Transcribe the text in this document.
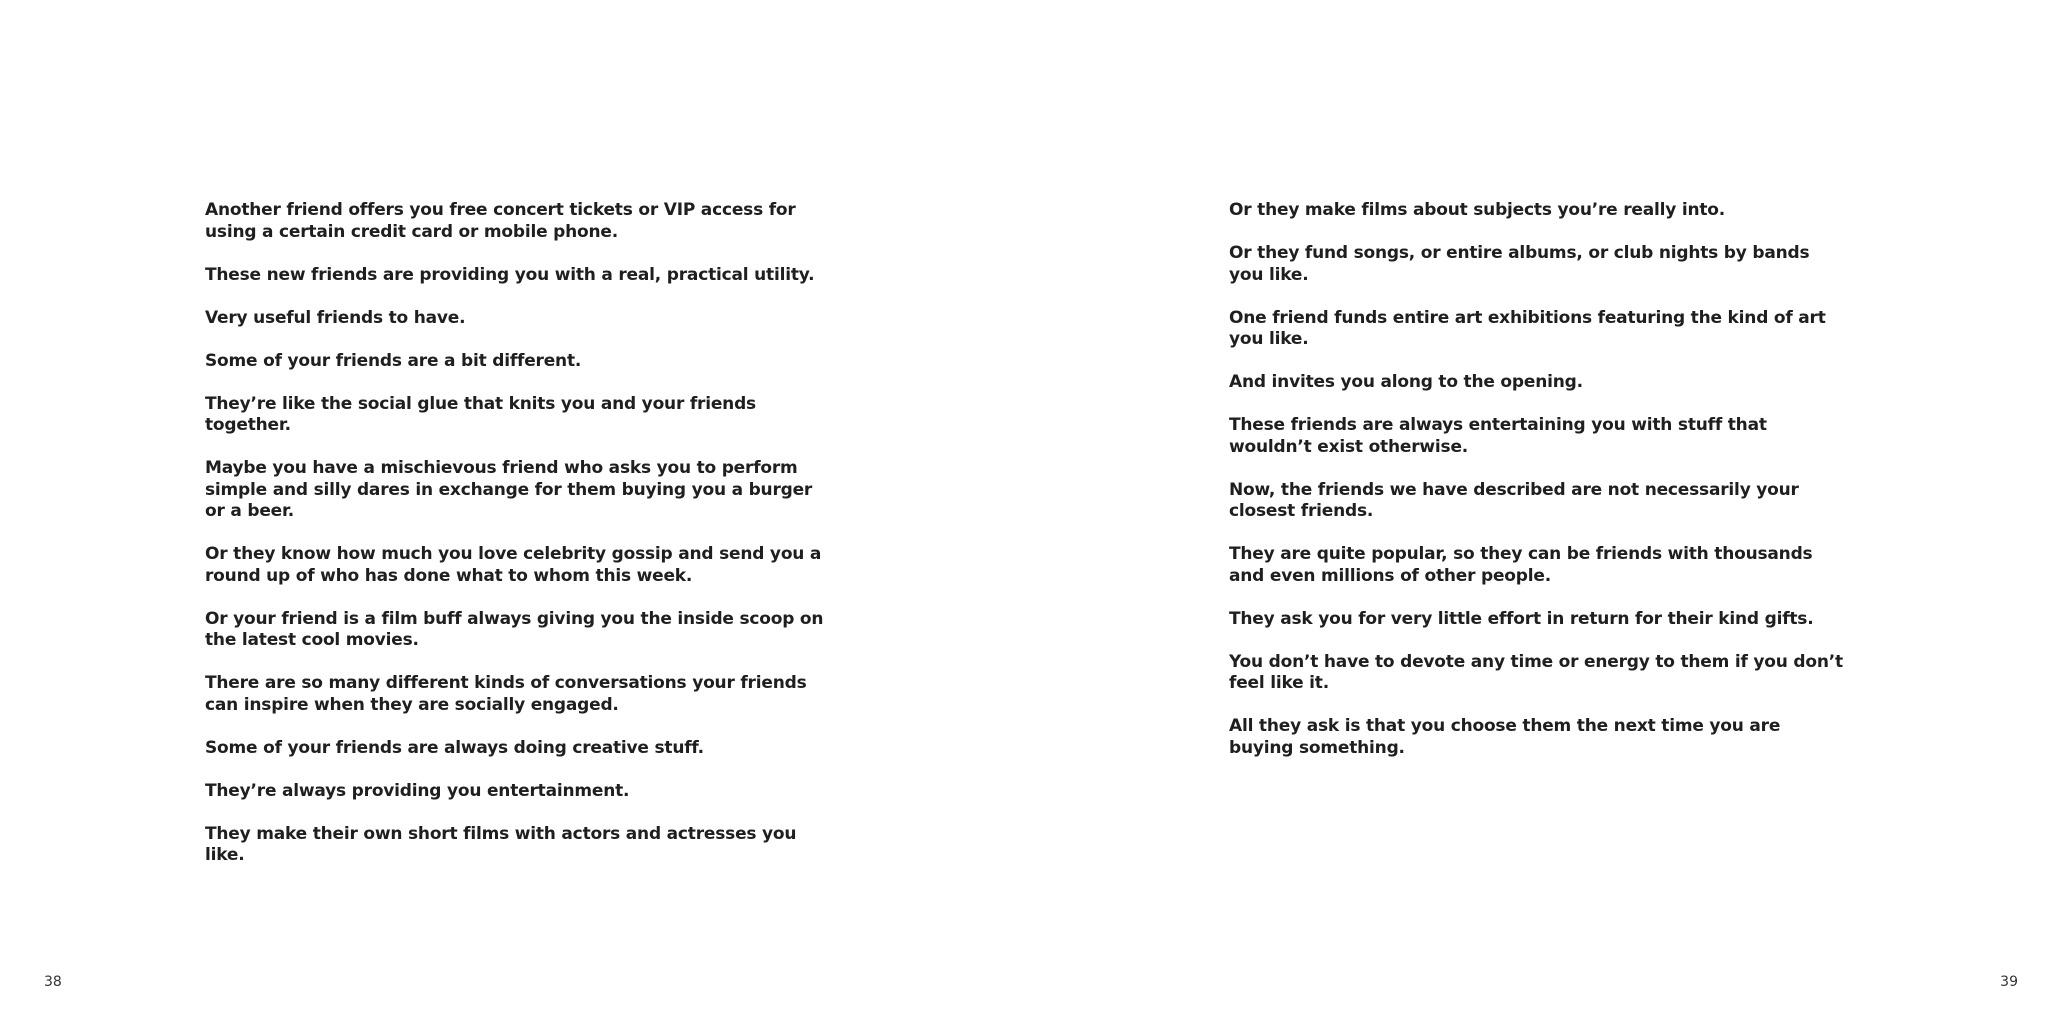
Another friend offers you free concert tickets or VIP access for using a certain credit card or mobile phone.

These new friends are providing you with a real, practical utility.

Very useful friends to have.

Some of your friends are a bit different.

They’re like the social glue that knits you and your friends together.

Maybe you have a mischievous friend who asks you to perform simple and silly dares in exchange for them buying you a burger or a beer.

Or they know how much you love celebrity gossip and send you a round up of who has done what to whom this week.

Or your friend is a film buff always giving you the inside scoop on the latest cool movies.

There are so many different kinds of conversations your friends can inspire when they are socially engaged.

Some of your friends are always doing creative stuff.

They’re always providing you entertainment.

They make their own short films with actors and actresses you like.

38

Or they make films about subjects you’re really into.

Or they fund songs, or entire albums, or club nights by bands you like.

One friend funds entire art exhibitions featuring the kind of art you like.

And invites you along to the opening.

These friends are always entertaining you with stuff that wouldn’t exist otherwise.

Now, the friends we have described are not necessarily your closest friends.

They are quite popular, so they can be friends with thousands and even millions of other people.

They ask you for very little effort in return for their kind gifts.

You don’t have to devote any time or energy to them if you don’t feel like it.

All they ask is that you choose them the next time you are buying something.

39
